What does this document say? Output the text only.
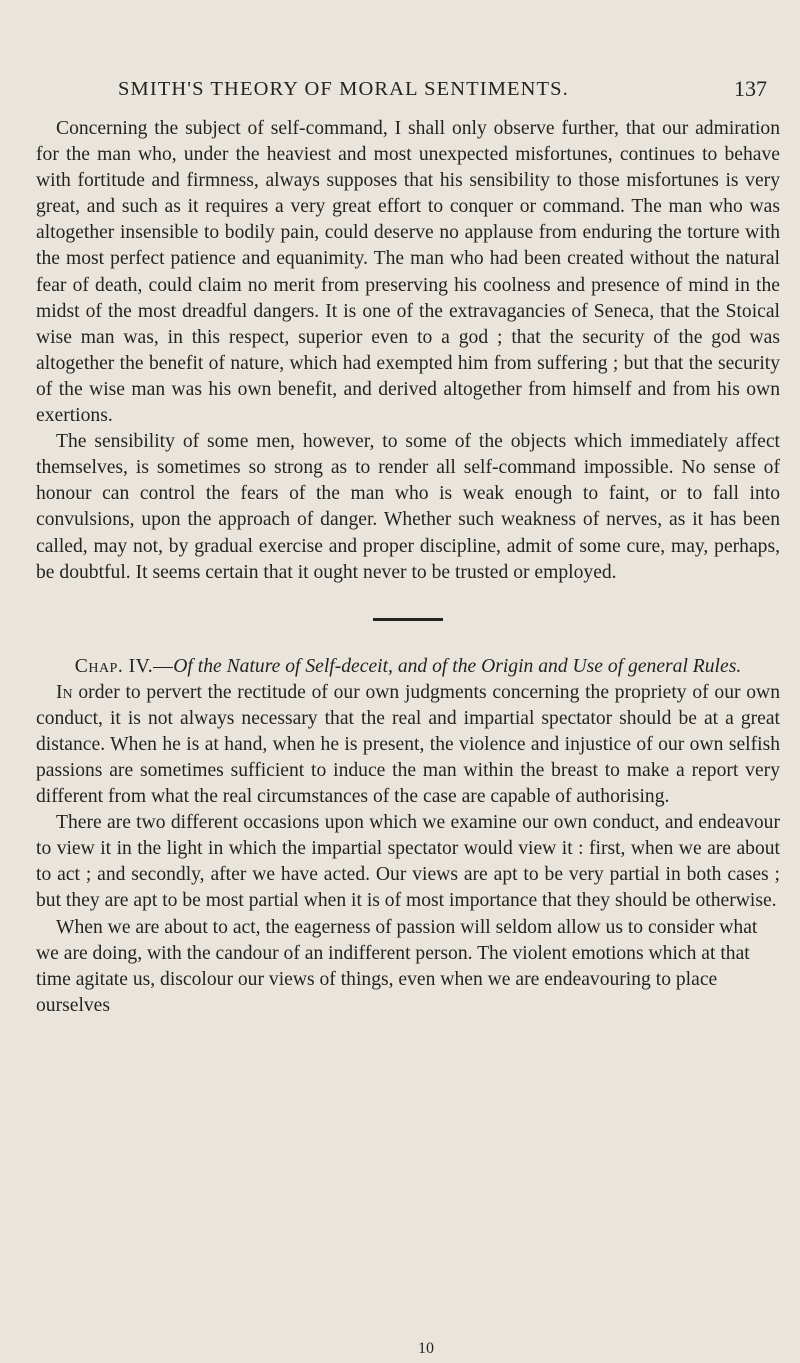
SMITH'S THEORY OF MORAL SENTIMENTS.	137

Concerning the subject of self-command, I shall only observe further, that our admiration for the man who, under the heaviest and most unexpected misfortunes, continues to behave with fortitude and firmness, always supposes that his sensibility to those misfortunes is very great, and such as it requires a very great effort to conquer or command. The man who was altogether insensible to bodily pain, could deserve no applause from enduring the torture with the most perfect patience and equanimity. The man who had been created without the natural fear of death, could claim no merit from preserving his coolness and presence of mind in the midst of the most dreadful dangers. It is one of the extravagancies of Seneca, that the Stoical wise man was, in this respect, superior even to a god ; that the security of the god was altogether the benefit of nature, which had exempted him from suffering ; but that the security of the wise man was his own benefit, and derived altogether from himself and from his own exertions.

The sensibility of some men, however, to some of the objects which immediately affect themselves, is sometimes so strong as to render all self-command impossible. No sense of honour can control the fears of the man who is weak enough to faint, or to fall into convulsions, upon the approach of danger. Whether such weakness of nerves, as it has been called, may not, by gradual exercise and proper discipline, admit of some cure, may, perhaps, be doubtful. It seems certain that it ought never to be trusted or employed.

Chap. IV.—Of the Nature of Self-deceit, and of the Origin and Use of general Rules.

In order to pervert the rectitude of our own judgments concerning the propriety of our own conduct, it is not always necessary that the real and impartial spectator should be at a great distance. When he is at hand, when he is present, the violence and injustice of our own selfish passions are sometimes sufficient to induce the man within the breast to make a report very different from what the real circumstances of the case are capable of authorising.

There are two different occasions upon which we examine our own conduct, and endeavour to view it in the light in which the impartial spectator would view it : first, when we are about to act ; and secondly, after we have acted. Our views are apt to be very partial in both cases ; but they are apt to be most partial when it is of most importance that they should be otherwise.

When we are about to act, the eagerness of passion will seldom allow us to consider what we are doing, with the candour of an indifferent person. The violent emotions which at that time agitate us, discolour our views of things, even when we are endeavouring to place ourselves

10
